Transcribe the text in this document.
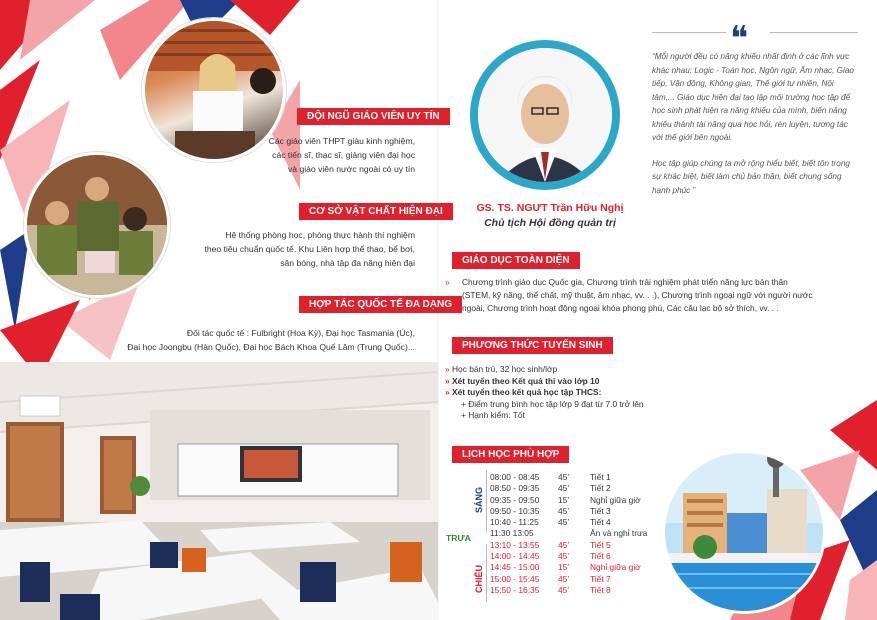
ĐỘI NGŨ GIÁO VIÊN UY TÍN
Các giáo viên THPT giàu kinh nghiệm,
các tiến sĩ, thạc sĩ, giảng viên đại học
và giáo viên nước ngoài có uy tín
CƠ SỞ VẬT CHẤT HIỆN ĐẠI
Hệ thống phòng học, phòng thực hành thí nghiệm
theo tiêu chuẩn quốc tế. Khu Liên hợp thể thao, bể bơi,
sân bóng, nhà tập đa năng hiện đại
HỢP TÁC QUỐC TẾ ĐA DẠNG
Đối tác quốc tế : Fulbright (Hoa Kỳ), Đại học Tasmania (Úc),
Đại học Joongbu (Hàn Quốc), Đại học Bách Khoa Quế Lâm (Trung Quốc)...
GS. TS. NGƯT Trần Hữu Nghị
Chủ tịch Hội đồng quản trị
❝
“Mỗi người đều có năng khiếu nhất định ở các lĩnh vực
khác nhau: Logic - Toán học, Ngôn ngữ, Âm nhạc, Giao
tiếp, Vận động, Không gian, Thế giới tự nhiên, Nội
tâm,... Giáo dục hiện đại tạo lập môi trường học tập để
học sinh phát hiện ra năng khiếu của mình, biến năng
khiếu thành tài năng qua học hỏi, rèn luyện, tương tác
với thế giới bên ngoài.
Học tập giúp chúng ta mở rộng hiểu biết, biết tôn trọng
sự khác biệt, biết làm chủ bản thân, biết chung sống
hạnh phúc ”
GIÁO DỤC TOÀN DIỆN
» Chương trình giáo dục Quốc gia, Chương trình trải nghiệm phát triển năng lực bản thân
(STEM, kỹ năng, thể chất, mỹ thuật, âm nhạc, vv. . .), Chương trình ngoại ngữ với người nước
ngoài, Chương trình hoạt động ngoại khóa phong phú, Các câu lạc bộ sở thích, vv. . .
PHƯƠNG THỨC TUYỂN SINH
» Học bán trú, 32 học sinh/lớp
» Xét tuyển theo Kết quả thi vào lớp 10
» Xét tuyển theo kết quả học tập THCS:
+ Điểm trung bình học tập lớp 9 đạt từ 7.0 trở lên
+ Hạnh kiểm: Tốt
LỊCH HỌC PHÙ HỢP
SÁNG
CHIỀU
TRƯA
08:00 - 08:45 45’ Tiết 1
08:50 - 09:35 45’ Tiết 2
09:35 - 09:50 15’ Nghỉ giữa giờ
09:50 - 10:35 45’ Tiết 3
10:40 - 11:25 45’ Tiết 4
11:30 13:05	Ăn và nghỉ trưa
13:10 - 13:55 45’ Tiết 5
14:00 - 14:45 45’ Tiết 6
14:45 - 15:00 15’ Nghỉ giữa giờ
15:00 - 15:45 45’ Tiết 7
15:50 - 16:35 45’ Tiết 8
